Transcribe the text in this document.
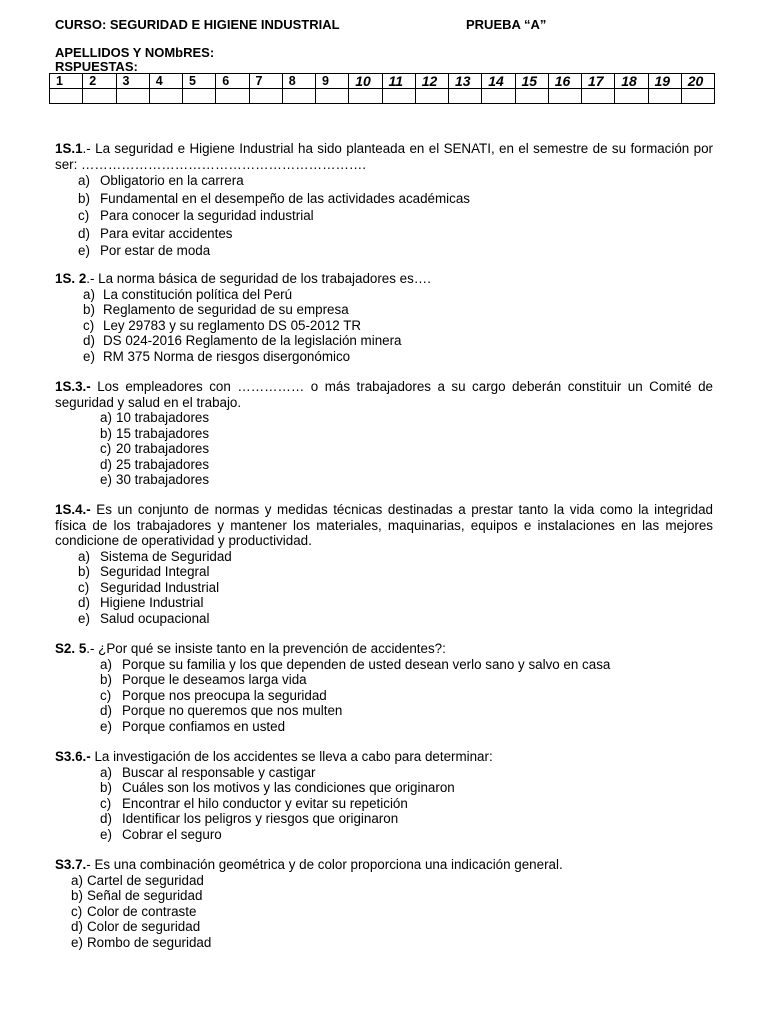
CURSO: SEGURIDAD E HIGIENE INDUSTRIAL	PRUEBA “A”
APELLIDOS Y NOMbRES:
RSPUESTAS:
1	2	3	4	5	6	7	8	9	10	11	12	13	14	15	16	17	18	19	20

1S.1.- La seguridad e Higiene Industrial ha sido planteada en el SENATI, en el semestre de su formación por ser: ……………………………………………………….
a) Obligatorio en la carrera
b) Fundamental en el desempeño de las actividades académicas
c) Para conocer la seguridad industrial
d) Para evitar accidentes
e) Por estar de moda
1S. 2.- La norma básica de seguridad de los trabajadores es….
a) La constitución política del Perú
b) Reglamento de seguridad de su empresa
c) Ley 29783 y su reglamento DS 05-2012 TR
d) DS 024-2016 Reglamento de la legislación minera
e) RM 375 Norma de riesgos disergonómico
1S.3.- Los empleadores con …………… o más trabajadores a su cargo deberán constituir un Comité de seguridad y salud en el trabajo.
a) 10 trabajadores
b) 15 trabajadores
c) 20 trabajadores
d) 25 trabajadores
e) 30 trabajadores
1S.4.- Es un conjunto de normas y medidas técnicas destinadas a prestar tanto la vida como la integridad física de los trabajadores y mantener los materiales, maquinarias, equipos e instalaciones en las mejores condicione de operatividad y productividad.
a) Sistema de Seguridad
b) Seguridad Integral
c) Seguridad Industrial
d) Higiene Industrial
e) Salud ocupacional
S2. 5.- ¿Por qué se insiste tanto en la prevención de accidentes?:
a) Porque su familia y los que dependen de usted desean verlo sano y salvo en casa
b) Porque le deseamos larga vida
c) Porque nos preocupa la seguridad
d) Porque no queremos que nos multen
e) Porque confiamos en usted
S3.6.- La investigación de los accidentes se lleva a cabo para determinar:
a) Buscar al responsable y castigar
b) Cuáles son los motivos y las condiciones que originaron
c) Encontrar el hilo conductor y evitar su repetición
d) Identificar los peligros y riesgos que originaron
e) Cobrar el seguro
S3.7.- Es una combinación geométrica y de color proporciona una indicación general.
a) Cartel de seguridad
b) Señal de seguridad
c) Color de contraste
d) Color de seguridad
e) Rombo de seguridad
